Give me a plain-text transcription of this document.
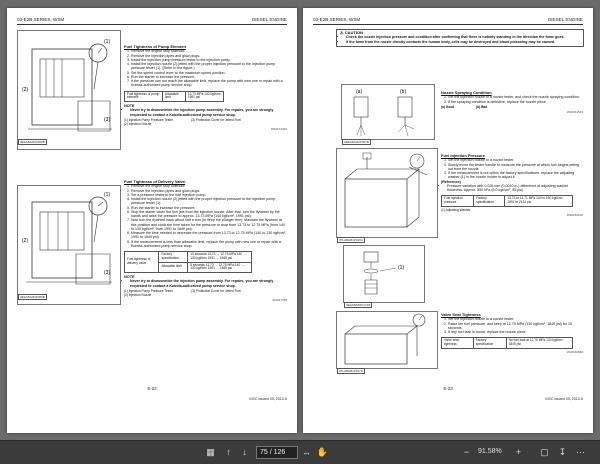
03-E2B SERIES, WSM	DIESEL ENGINE
(1)
(2)
(3)
3EEABAM0P008B

Fuel Tightness of Pump Element

1. Remove the engine stop solenoid.
2. Remove the injection pipes and glow plugs.
3. Install the injection pump pressure tester to the injection pump.
4. Install the injection nozzle (2) jetted with the proper injection pressure to the injection pump pressure tester (1). (Refer to the figure.)
5. Set the speed control lever to the maximum speed position.
6. Run the starter to increase the pressure.
7. If the pressure can not reach the allowable limit, replace the pump with new one or repair with a Kubota-authorized pump service shop.
Fuel tightness of pump element	Allowable limit	13.73 MPa 140 kgf/cm² 1991 psi
NOTE
• Never try to disassemble the injection pump assembly. For repairs, you are strongly requested to contact a Kubota-authorized pump service shop.
(1) Injection Pump Pressure Tester	(3) Protection Cover for Jetted Fuel
(2) Injection Nozzle
W10174432
(1)
(2)
(3)
3EEABAM0P009B

Fuel Tightness of Delivery Valve

1. Remove the engine stop solenoid.
2. Remove the injection pipes and glow plugs.
3. Set a pressure tester to the fuel injection pump.
4. Install the injection nozzle (2) jetted with the proper injection pressure to the injection pump pressure tester (1).
5. Run the starter to increase the pressure.
6. Stop the starter when the fuel jets from the injection nozzle. After that, turn the flywheel by the hands and raise the pressure to approx. 13.73 MPa (140 kgf/cm², 1991 psi).
7. Now turn the flywheel back about half a turn (to keep the plunger free). Maintain the flywheel at this position and clock the time taken for the pressure to drop from 13.73 to 12.75 MPa (from 140 to 130 kgf/cm², from 1991 to 1849 psi).
8. Measure the time needed to decrease the pressure from 13.73 to 12.75 MPa (140 to 130 kgf/cm², 1991 to 1849 psi).
9. If the measurement is less than allowable limit, replace the pump with new one or repair with a Kubota-authorized pump service shop.
Fuel tightness of delivery valve	Factory specification	10 seconds 13.73 → 12.75 MPa 140 → 130 kgf/cm² 1991 → 1849 psi
	Allowable limit	5 seconds 13.73 → 12.75 MPa 140 → 130 kgf/cm² 1991 → 1849 psi
NOTE
• Never try to disassemble the injection pump assembly. For repairs, you are strongly requested to contact a Kubota-authorized pump service shop.
(1) Injection Pump Pressure Tester	(3) Protection Cover for Jetted Fuel
(2) Injection Nozzle
W1017786
S-22
KiSC issued 03, 2013 A
03-E2B SERIES, WSM	DIESEL ENGINE
⚠ CAUTION
• Check the nozzle injection pressure and condition after confirming that there is nobody standing in the direction the fume goes.
• If the fume from the nozzle directly contacts the human body, cells may be destroyed and blood poisoning may be caused.
(a)	(b)
3EEABAM0P007B

Nozzle Spraying Condition

1. Set the injection nozzle to a nozzle tester, and check the nozzle spraying condition.
2. If the spraying condition is defective, replace the nozzle piece.
(a) Good	(b) Bad
W10161513
3TLABAB1P046A

Fuel Injection Pressure

1. Set the injection nozzle to a nozzle tester.
2. Slowly move the tester handle to measure the pressure at which fuel begins jetting out from the nozzle.
3. If the measurement is not within the factory specifications, replace the adjusting washer (1) in the nozzle holder to adjust it.
(Reference)
• Pressure variation with 0.025 mm (0.0010 in.) difference of adjusting washer thickness. Approx. 590 kPa (6.0 kgf/cm², 85 psi)
Fuel injection pressure	Factory specification	13.73 to 14.71 MPa 140 to 150 kgf/cm² 1991 to 2134 psi
(1) Adjusting Washer
W10162100
(1)
3EEABAB1P171B
3TLABAB1P047A

Valve Seat Tightness

1. Set the injection nozzle to a nozzle tester.
2. Raise the fuel pressure, and keep at 12.75 MPa (130 kgf/cm², 1849 psi) for 10 seconds.
3. If any fuel leak is found, replace the nozzle piece.
Valve seat tightness	Factory specification	No fuel leak at 12.75 MPa 130 kgf/cm² 1849 psi
W10160660
S-23
KiSC issued 03, 2013 A
▦	↑	↓	75 / 126	↔ ✋	−	91.58%	+	▢	↧	⋯
